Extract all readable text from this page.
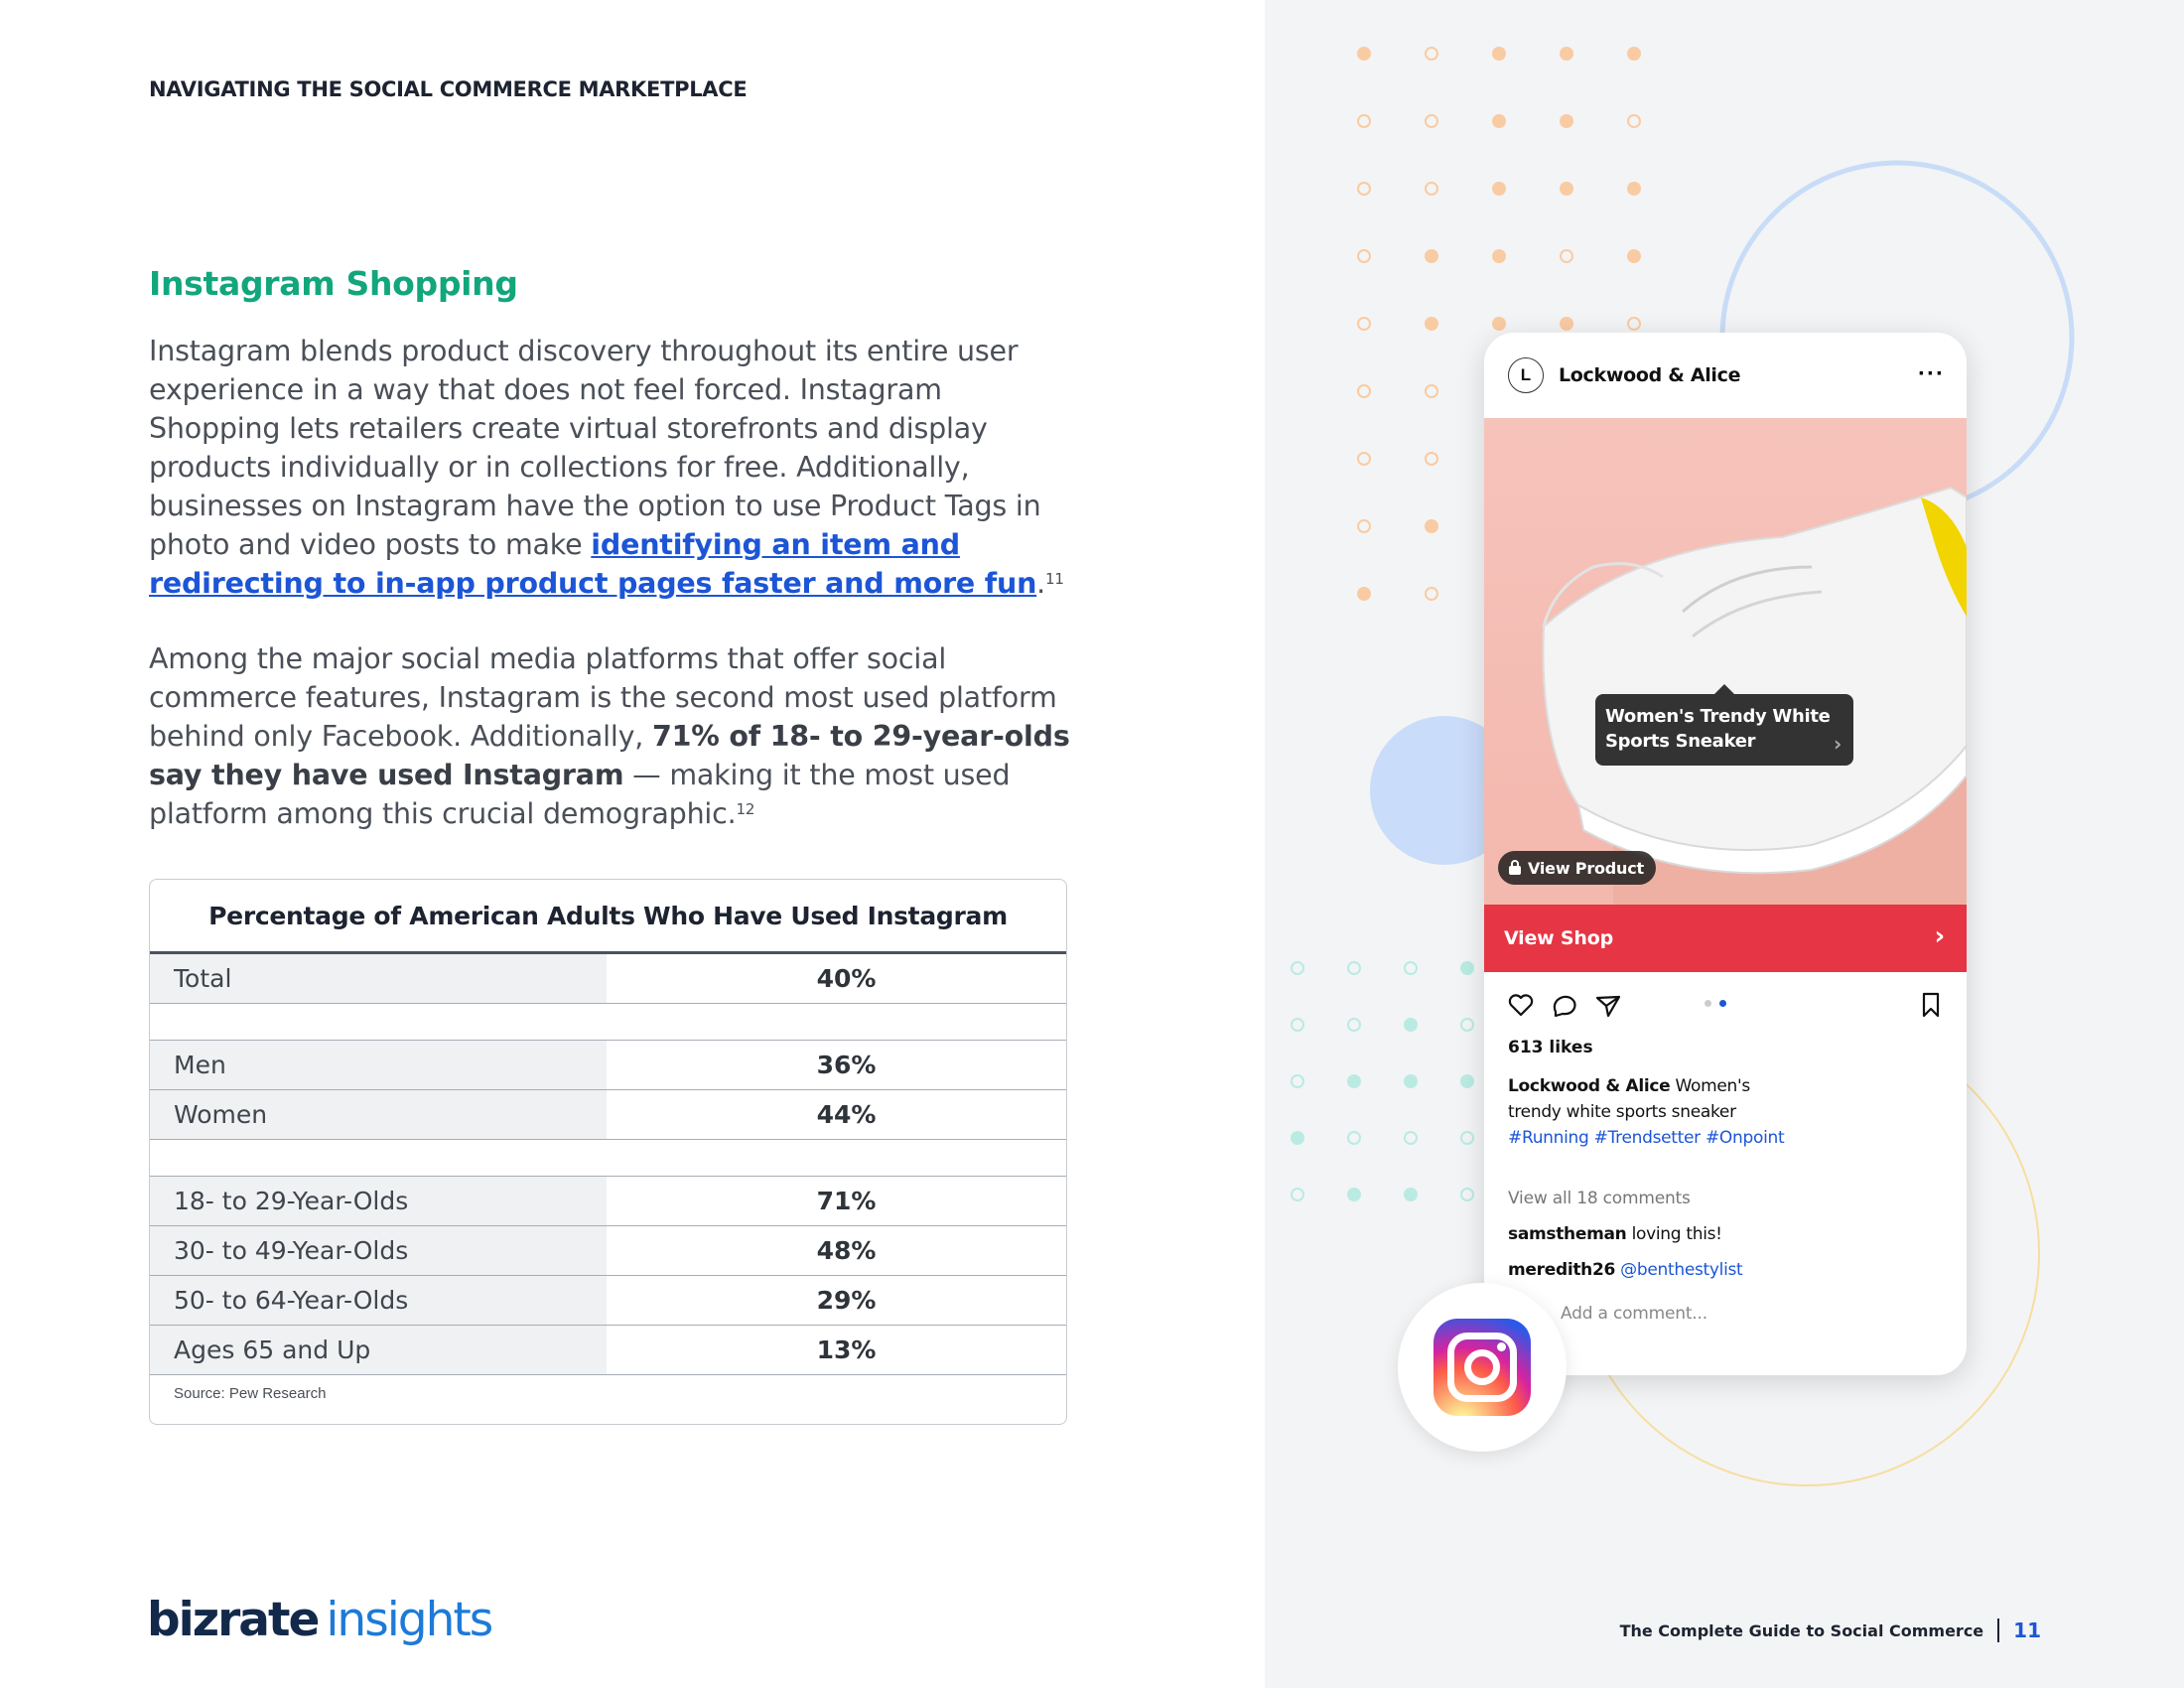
NAVIGATING THE SOCIAL COMMERCE MARKETPLACE
Instagram Shopping

Instagram blends product discovery throughout its entire user experience in a way that does not feel forced. Instagram Shopping lets retailers create virtual storefronts and display products individually or in collections for free. Additionally, businesses on Instagram have the option to use Product Tags in photo and video posts to make identifying an item and redirecting to in-app product pages faster and more fun.$^{11}$

Among the major social media platforms that offer social commerce features, Instagram is the second most used platform behind only Facebook. Additionally, 71% of 18- to 29-year-olds say they have used Instagram — making it the most used platform among this crucial demographic.$^{12}$

Percentage of American Adults Who Have Used Instagram
Total	40%
Men	36%
Women	44%
18- to 29-Year-Olds	71%
30- to 49-Year-Olds	48%
50- to 64-Year-Olds	29%
Ages 65 and Up	13%
Source: Pew Research
L	Lockwood & Alice	···
Women's Trendy White Sports Sneaker	›
View Product
View Shop	›
613 likes
Lockwood & Alice Women's trendy white sports sneaker
#Running #Trendsetter #Onpoint
View all 18 comments
samstheman loving this!
meredith26 @benthestylist
Add a comment...
bizrate insights	The Complete Guide to Social Commerce 11
